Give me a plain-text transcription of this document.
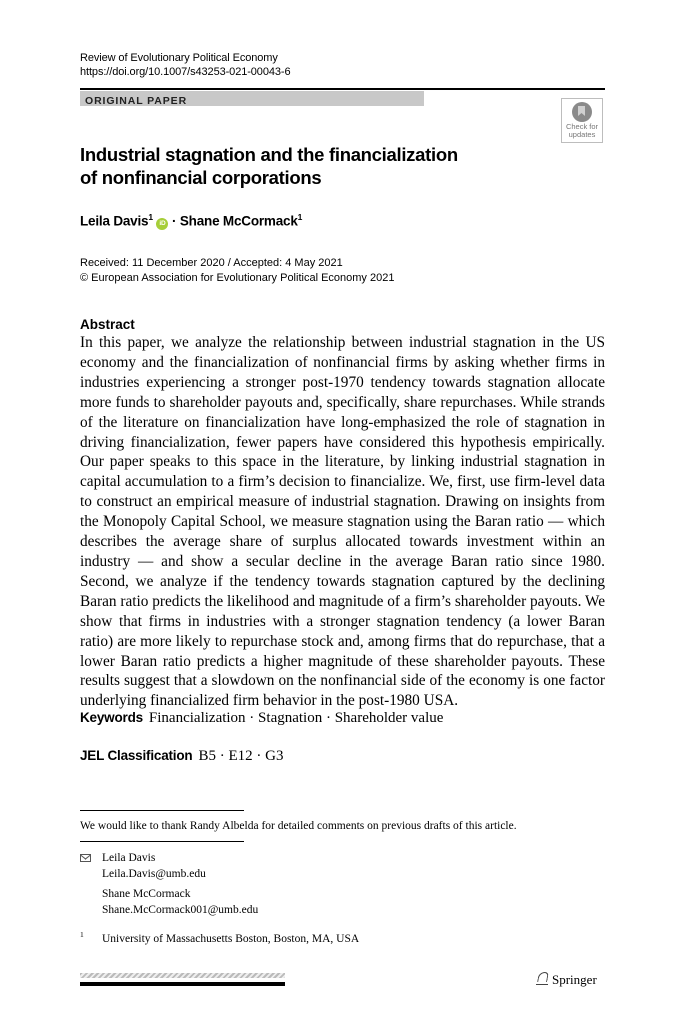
Review of Evolutionary Political Economy
https://doi.org/10.1007/s43253-021-00043-6
ORIGINAL PAPER
Check for
updates
Industrial stagnation and the financialization
of nonfinancial corporations
Leila Davis$^1$ iD · Shane McCormack$^1$
Received: 11 December 2020 / Accepted: 4 May 2021
© European Association for Evolutionary Political Economy 2021
Abstract
In this paper, we analyze the relationship between industrial stagnation in the US economy and the financialization of nonfinancial firms by asking whether firms in industries experiencing a stronger post-1970 tendency towards stagnation allocate more funds to shareholder payouts and, specifically, share repurchases. While strands of the literature on financialization have long-emphasized the role of stagnation in driving financialization, fewer papers have considered this hypothesis empirically. Our paper speaks to this space in the literature, by linking industrial stagnation in capital accumulation to a firm’s decision to financialize. We, first, use firm-level data to construct an empirical measure of industrial stagnation. Drawing on insights from the Monopoly Capital School, we measure stagnation using the Baran ratio — which describes the average share of surplus allocated towards investment within an industry — and show a secular decline in the average Baran ratio since 1980. Second, we analyze if the tendency towards stagnation captured by the declining Baran ratio predicts the likelihood and magnitude of a firm’s shareholder payouts. We show that firms in industries with a stronger stagnation tendency (a lower Baran ratio) are more likely to repurchase stock and, among firms that do repurchase, that a lower Baran ratio predicts a higher magnitude of these shareholder payouts. These results suggest that a slowdown on the nonfinancial side of the economy is one factor underlying financialized firm behavior in the post-1980 USA.
Keywords Financialization · Stagnation · Shareholder value
JEL Classification B5 · E12 · G3
We would like to thank Randy Albelda for detailed comments on previous drafts of this article.
Leila Davis
Leila.Davis@umb.edu
Shane McCormack
Shane.McCormack001@umb.edu
1 University of Massachusetts Boston, Boston, MA, USA
Springer
